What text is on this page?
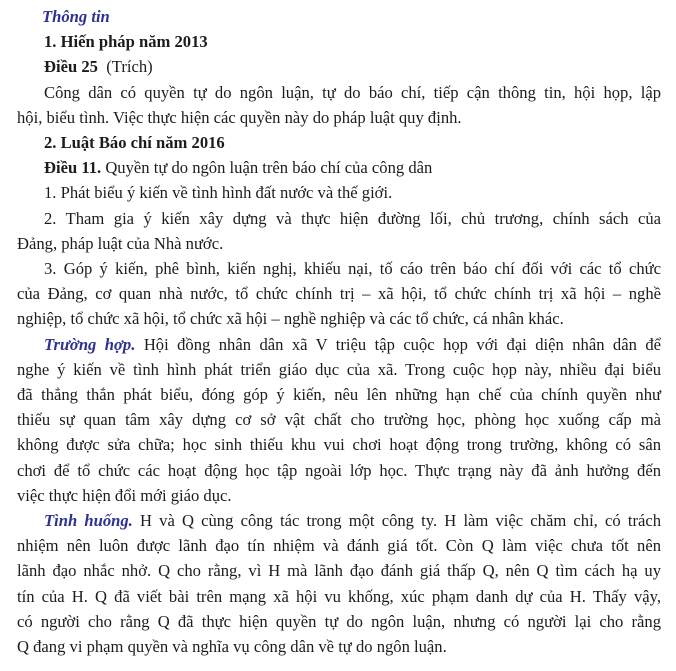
Thông tin
1. Hiến pháp năm 2013
Điều 25 (Trích)
Công dân có quyền tự do ngôn luận, tự do báo chí, tiếp cận thông tin, hội họp, lập
hội, biểu tình. Việc thực hiện các quyền này do pháp luật quy định.
2. Luật Báo chí năm 2016
Điều 11. Quyền tự do ngôn luận trên báo chí của công dân
1. Phát biểu ý kiến về tình hình đất nước và thế giới.
2. Tham gia ý kiến xây dựng và thực hiện đường lối, chủ trương, chính sách của
Đảng, pháp luật của Nhà nước.
3. Góp ý kiến, phê bình, kiến nghị, khiếu nại, tố cáo trên báo chí đối với các tổ chức
của Đảng, cơ quan nhà nước, tổ chức chính trị – xã hội, tổ chức chính trị xã hội – nghề
nghiệp, tổ chức xã hội, tổ chức xã hội – nghề nghiệp và các tổ chức, cá nhân khác.
Trường hợp. Hội đồng nhân dân xã V triệu tập cuộc họp với đại diện nhân dân để
nghe ý kiến về tình hình phát triển giáo dục của xã. Trong cuộc họp này, nhiều đại biểu
đã thẳng thắn phát biểu, đóng góp ý kiến, nêu lên những hạn chế của chính quyền như
thiếu sự quan tâm xây dựng cơ sở vật chất cho trường học, phòng học xuống cấp mà
không được sửa chữa; học sinh thiếu khu vui chơi hoạt động trong trường, không có sân
chơi để tổ chức các hoạt động học tập ngoài lớp học. Thực trạng này đã ảnh hưởng đến
việc thực hiện đổi mới giáo dục.
Tình huống. H và Q cùng công tác trong một công ty. H làm việc chăm chỉ, có trách
nhiệm nên luôn được lãnh đạo tín nhiệm và đánh giá tốt. Còn Q làm việc chưa tốt nên
lãnh đạo nhắc nhở. Q cho rằng, vì H mà lãnh đạo đánh giá thấp Q, nên Q tìm cách hạ uy
tín của H. Q đã viết bài trên mạng xã hội vu khống, xúc phạm danh dự của H. Thấy vậy,
có người cho rằng Q đã thực hiện quyền tự do ngôn luận, nhưng có người lại cho rằng
Q đang vi phạm quyền và nghĩa vụ công dân về tự do ngôn luận.
